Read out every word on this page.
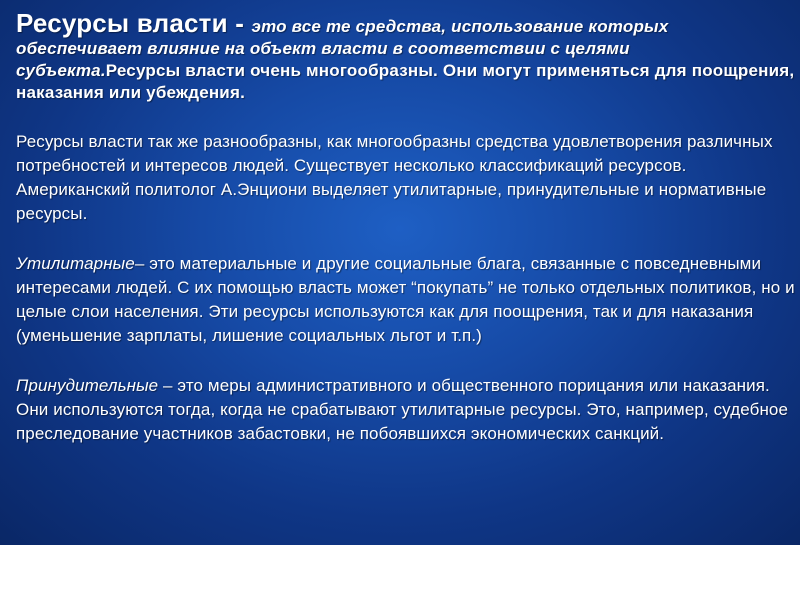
Ресурсы власти - это все те средства, использование которых обеспечивает влияние на объект власти в соответствии с целями субъекта.Ресурсы власти очень многообразны. Они могут применяться для поощрения, наказания или убеждения.

Ресурсы власти так же разнообразны, как многообразны средства удовлетворения различных потребностей и интересов людей. Существует несколько классификаций ресурсов. Американский политолог А.Энциони выделяет утилитарные, принудительные и нормативные ресурсы.

Утилитарные– это материальные и другие социальные блага, связанные с повседневными интересами людей. С их помощью власть может “покупать” не только отдельных политиков, но и целые слои населения. Эти ресурсы используются как для поощрения, так и для наказания (уменьшение зарплаты, лишение социальных льгот и т.п.)

Принудительные – это меры административного и общественного порицания или наказания. Они используются тогда, когда не срабатывают утилитарные ресурсы. Это, например, судебное преследование участников забастовки, не побоявшихся экономических санкций.
